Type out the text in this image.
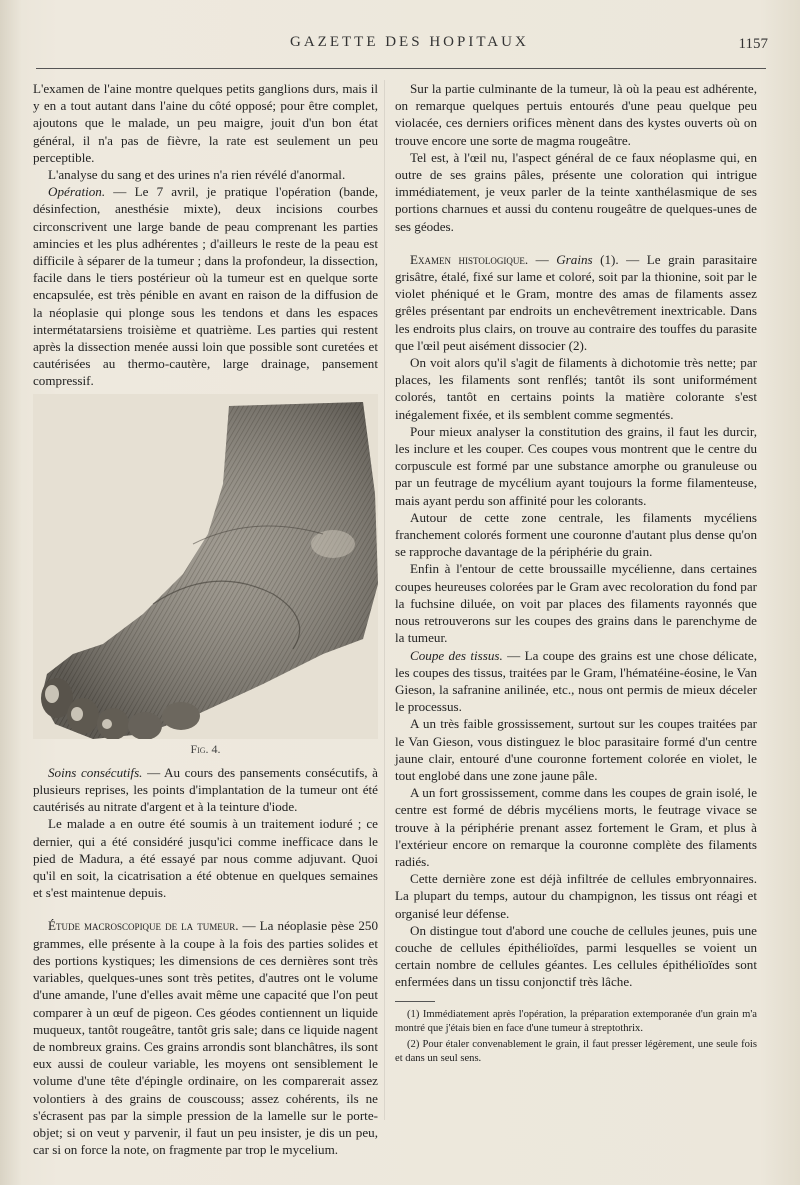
GAZETTE DES HOPITAUX	1157

L'examen de l'aine montre quelques petits ganglions durs, mais il y en a tout autant dans l'aine du côté opposé; pour être complet, ajoutons que le malade, un peu maigre, jouit d'un bon état général, il n'a pas de fièvre, la rate est seulement un peu perceptible.

L'analyse du sang et des urines n'a rien révélé d'anormal.

Opération. — Le 7 avril, je pratique l'opération (bande, désinfection, anesthésie mixte), deux incisions courbes circonscrivent une large bande de peau comprenant les parties amincies et les plus adhérentes ; d'ailleurs le reste de la peau est difficile à séparer de la tumeur ; dans la profondeur, la dissection, facile dans le tiers postérieur où la tumeur est en quelque sorte encapsulée, est très pénible en avant en raison de la diffusion de la néoplasie qui plonge sous les tendons et dans les espaces intermétatarsiens troisième et quatrième. Les parties qui restent après la dissection menée aussi loin que possible sont curetées et cautérisées au thermo-cautère, large drainage, pansement compressif.

Fig. 4.

Soins consécutifs. — Au cours des pansements consécutifs, à plusieurs reprises, les points d'implantation de la tumeur ont été cautérisés au nitrate d'argent et à la teinture d'iode.

Le malade a en outre été soumis à un traitement ioduré ; ce dernier, qui a été considéré jusqu'ici comme inefficace dans le pied de Madura, a été essayé par nous comme adjuvant. Quoi qu'il en soit, la cicatrisation a été obtenue en quelques semaines et s'est maintenue depuis.

Étude macroscopique de la tumeur. — La néoplasie pèse 250 grammes, elle présente à la coupe à la fois des parties solides et des portions kystiques; les dimensions de ces dernières sont très variables, quelques-unes sont très petites, d'autres ont le volume d'une amande, l'une d'elles avait même une capacité que l'on peut comparer à un œuf de pigeon. Ces géodes contiennent un liquide muqueux, tantôt rougeâtre, tantôt gris sale; dans ce liquide nagent de nombreux grains. Ces grains arrondis sont blanchâtres, ils sont eux aussi de couleur variable, les moyens ont sensiblement le volume d'une tête d'épingle ordinaire, on les comparerait assez volontiers à des grains de couscouss; assez cohérents, ils ne s'écrasent pas par la simple pression de la lamelle sur le porte-objet; si on veut y parvenir, il faut un peu insister, je dis un peu, car si on force la note, on fragmente par trop le mycelium.

Sur la partie culminante de la tumeur, là où la peau est adhérente, on remarque quelques pertuis entourés d'une peau quelque peu violacée, ces derniers orifices mènent dans des kystes ouverts où on trouve encore une sorte de magma rougeâtre.

Tel est, à l'œil nu, l'aspect général de ce faux néoplasme qui, en outre de ses grains pâles, présente une coloration qui intrigue immédiatement, je veux parler de la teinte xanthélasmique de ses portions charnues et aussi du contenu rougeâtre de quelques-unes de ses géodes.

Examen histologique. — Grains (1). — Le grain parasitaire grisâtre, étalé, fixé sur lame et coloré, soit par la thionine, soit par le violet phéniqué et le Gram, montre des amas de filaments assez grêles présentant par endroits un enchevêtrement inextricable. Dans les endroits plus clairs, on trouve au contraire des touffes du parasite que l'œil peut aisément dissocier (2).

On voit alors qu'il s'agit de filaments à dichotomie très nette; par places, les filaments sont renflés; tantôt ils sont uniformément colorés, tantôt en certains points la matière colorante s'est inégalement fixée, et ils semblent comme segmentés.

Pour mieux analyser la constitution des grains, il faut les durcir, les inclure et les couper. Ces coupes vous montrent que le centre du corpuscule est formé par une substance amorphe ou granuleuse ou par un feutrage de mycélium ayant toujours la forme filamenteuse, mais ayant perdu son affinité pour les colorants.

Autour de cette zone centrale, les filaments mycéliens franchement colorés forment une couronne d'autant plus dense qu'on se rapproche davantage de la périphérie du grain.

Enfin à l'entour de cette broussaille mycélienne, dans certaines coupes heureuses colorées par le Gram avec recoloration du fond par la fuchsine diluée, on voit par places des filaments rayonnés que nous retrouverons sur les coupes des grains dans le parenchyme de la tumeur.

Coupe des tissus. — La coupe des grains est une chose délicate, les coupes des tissus, traitées par le Gram, l'hématéine-éosine, le Van Gieson, la safranine anilinée, etc., nous ont permis de mieux déceler le processus.

A un très faible grossissement, surtout sur les coupes traitées par le Van Gieson, vous distinguez le bloc parasitaire formé d'un centre jaune clair, entouré d'une couronne fortement colorée en violet, le tout englobé dans une zone jaune pâle.

A un fort grossissement, comme dans les coupes de grain isolé, le centre est formé de débris mycéliens morts, le feutrage vivace se trouve à la périphérie prenant assez fortement le Gram, et plus à l'extérieur encore on remarque la couronne complète des filaments radiés.

Cette dernière zone est déjà infiltrée de cellules embryonnaires. La plupart du temps, autour du champignon, les tissus ont réagi et organisé leur défense.

On distingue tout d'abord une couche de cellules jeunes, puis une couche de cellules épithélioïdes, parmi lesquelles se voient un certain nombre de cellules géantes. Les cellules épithélioïdes sont enfermées dans un tissu conjonctif très lâche.

(1) Immédiatement après l'opération, la préparation extemporanée d'un grain m'a montré que j'étais bien en face d'une tumeur à streptothrix.

(2) Pour étaler convenablement le grain, il faut presser légèrement, une seule fois et dans un seul sens.
